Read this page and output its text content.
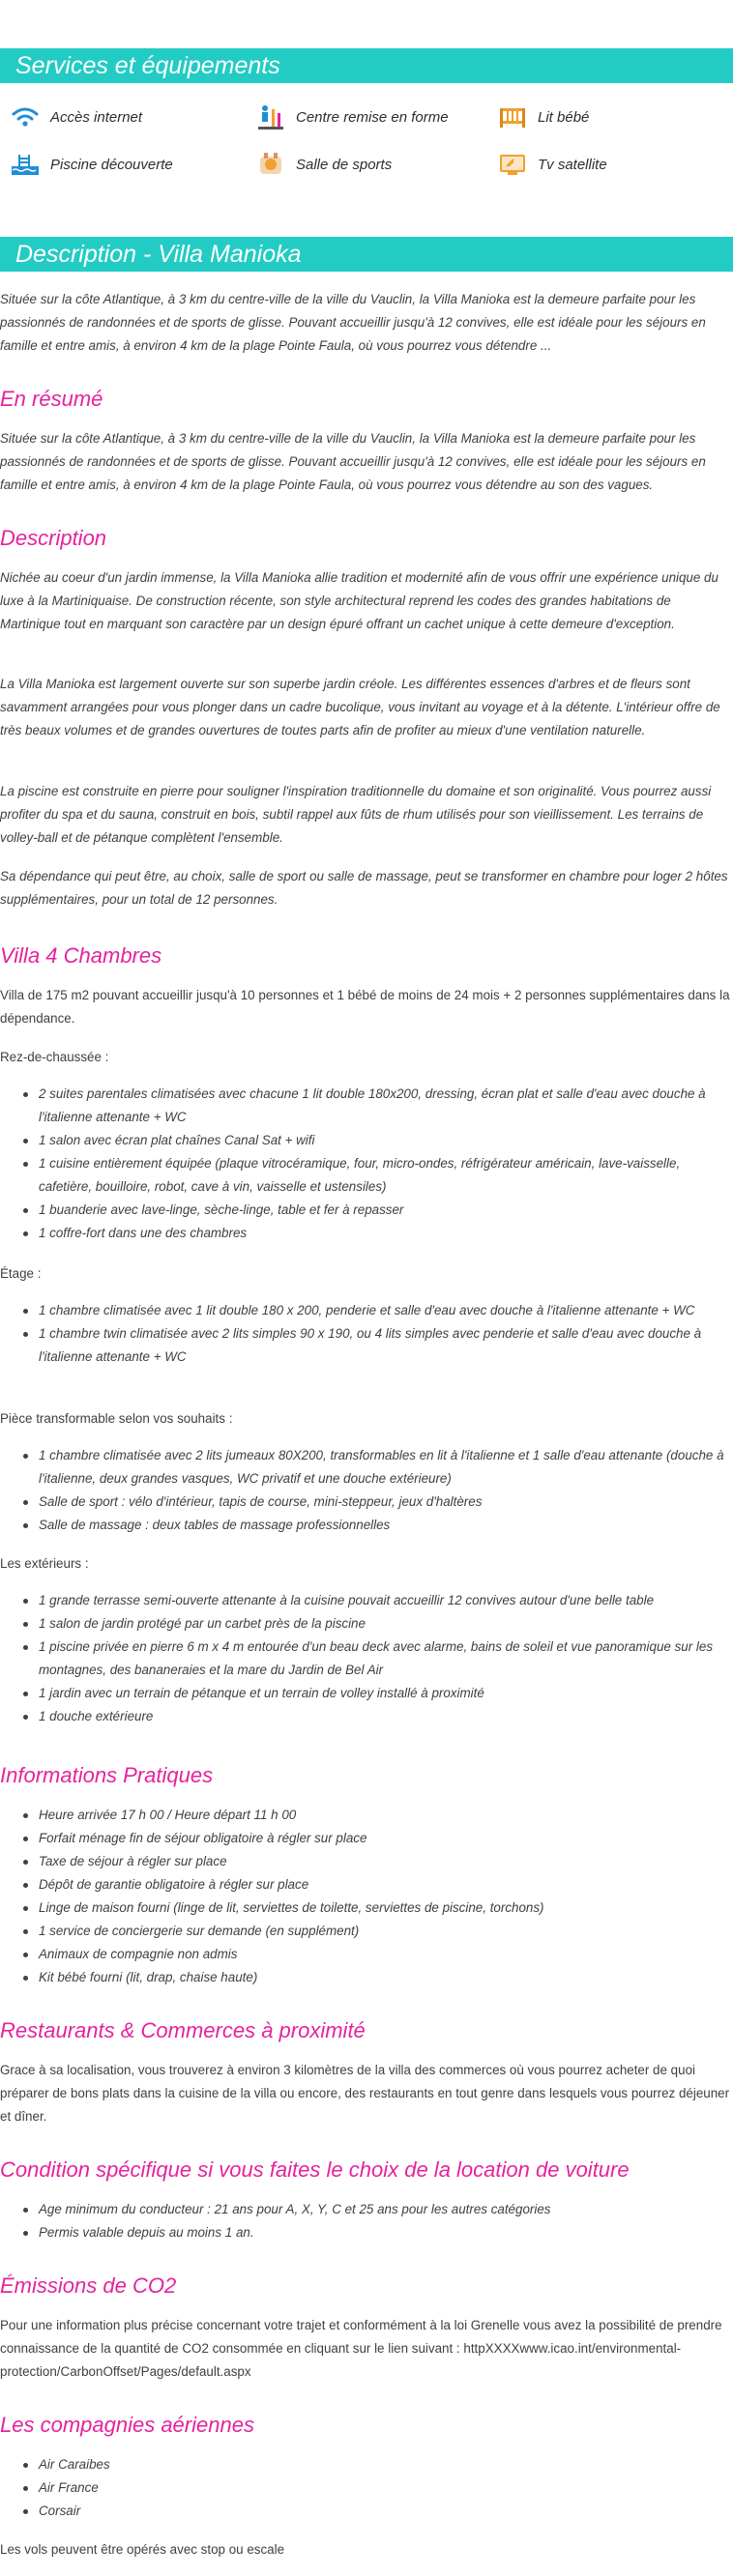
Services et équipements
Accès internet	Centre remise en forme	Lit bébé
Piscine découverte	Salle de sports	Tv satellite
Description - Villa Manioka

Située sur la côte Atlantique, à 3 km du centre-ville de la ville du Vauclin, la Villa Manioka est la demeure parfaite pour les passionnés de randonnées et de sports de glisse. Pouvant accueillir jusqu'à 12 convives, elle est idéale pour les séjours en famille et entre amis, à environ 4 km de la plage Pointe Faula, où vous pourrez vous détendre ...

En résumé

Située sur la côte Atlantique, à 3 km du centre-ville de la ville du Vauclin, la Villa Manioka est la demeure parfaite pour les passionnés de randonnées et de sports de glisse. Pouvant accueillir jusqu'à 12 convives, elle est idéale pour les séjours en famille et entre amis, à environ 4 km de la plage Pointe Faula, où vous pourrez vous détendre au son des vagues.

Description

Nichée au coeur d'un jardin immense, la Villa Manioka allie tradition et modernité afin de vous offrir une expérience unique du luxe à la Martiniquaise. De construction récente, son style architectural reprend les codes des grandes habitations de Martinique tout en marquant son caractère par un design épuré offrant un cachet unique à cette demeure d'exception.

La Villa Manioka est largement ouverte sur son superbe jardin créole. Les différentes essences d'arbres et de fleurs sont savamment arrangées pour vous plonger dans un cadre bucolique, vous invitant au voyage et à la détente. L'intérieur offre de très beaux volumes et de grandes ouvertures de toutes parts afin de profiter au mieux d'une ventilation naturelle.

La piscine est construite en pierre pour souligner l'inspiration traditionnelle du domaine et son originalité. Vous pourrez aussi profiter du spa et du sauna, construit en bois, subtil rappel aux fûts de rhum utilisés pour son vieillissement. Les terrains de volley-ball et de pétanque complètent l'ensemble.

Sa dépendance qui peut être, au choix, salle de sport ou salle de massage, peut se transformer en chambre pour loger 2 hôtes supplémentaires, pour un total de 12 personnes.

Villa 4 Chambres

Villa de 175 m2 pouvant accueillir jusqu'à 10 personnes et 1 bébé de moins de 24 mois + 2 personnes supplémentaires dans la dépendance.

Rez-de-chaussée :

2 suites parentales climatisées avec chacune 1 lit double 180x200, dressing, écran plat et salle d'eau avec douche à l'italienne attenante + WC
1 salon avec écran plat chaînes Canal Sat + wifi
1 cuisine entièrement équipée (plaque vitrocéramique, four, micro-ondes, réfrigérateur américain, lave-vaisselle, cafetière, bouilloire, robot, cave à vin, vaisselle et ustensiles)
1 buanderie avec lave-linge, sèche-linge, table et fer à repasser
1 coffre-fort dans une des chambres

Étage :

1 chambre climatisée avec 1 lit double 180 x 200, penderie et salle d'eau avec douche à l'italienne attenante + WC
1 chambre twin climatisée avec 2 lits simples 90 x 190, ou 4 lits simples avec penderie et salle d'eau avec douche à l'italienne attenante + WC

Pièce transformable selon vos souhaits :

1 chambre climatisée avec 2 lits jumeaux 80X200, transformables en lit à l'italienne et 1 salle d'eau attenante (douche à l'italienne, deux grandes vasques, WC privatif et une douche extérieure)
Salle de sport : vélo d'intérieur, tapis de course, mini-steppeur, jeux d'haltères
Salle de massage : deux tables de massage professionnelles

Les extérieurs :

1 grande terrasse semi-ouverte attenante à la cuisine pouvait accueillir 12 convives autour d'une belle table
1 salon de jardin protégé par un carbet près de la piscine
1 piscine privée en pierre 6 m x 4 m entourée d'un beau deck avec alarme, bains de soleil et vue panoramique sur les montagnes, des bananeraies et la mare du Jardin de Bel Air
1 jardin avec un terrain de pétanque et un terrain de volley installé à proximité
1 douche extérieure
Informations Pratiques
Heure arrivée 17 h 00 / Heure départ 11 h 00
Forfait ménage fin de séjour obligatoire à régler sur place
Taxe de séjour à régler sur place
Dépôt de garantie obligatoire à régler sur place
Linge de maison fourni (linge de lit, serviettes de toilette, serviettes de piscine, torchons)
1 service de conciergerie sur demande (en supplément)
Animaux de compagnie non admis
Kit bébé fourni (lit, drap, chaise haute)
Restaurants & Commerces à proximité

Grace à sa localisation, vous trouverez à environ 3 kilomètres de la villa des commerces où vous pourrez acheter de quoi préparer de bons plats dans la cuisine de la villa ou encore, des restaurants en tout genre dans lesquels vous pourrez déjeuner et dîner.

Condition spécifique si vous faites le choix de la location de voiture
Age minimum du conducteur : 21 ans pour A, X, Y, C et 25 ans pour les autres catégories
Permis valable depuis au moins 1 an.
Émissions de CO2

Pour une information plus précise concernant votre trajet et conformément à la loi Grenelle vous avez la possibilité de prendre connaissance de la quantité de CO2 consommée en cliquant sur le lien suivant : httpXXXXwww.icao.int/environmental-protection/CarbonOffset/Pages/default.aspx

Les compagnies aériennes
Air Caraibes
Air France
Corsair

Les vols peuvent être opérés avec stop ou escale
